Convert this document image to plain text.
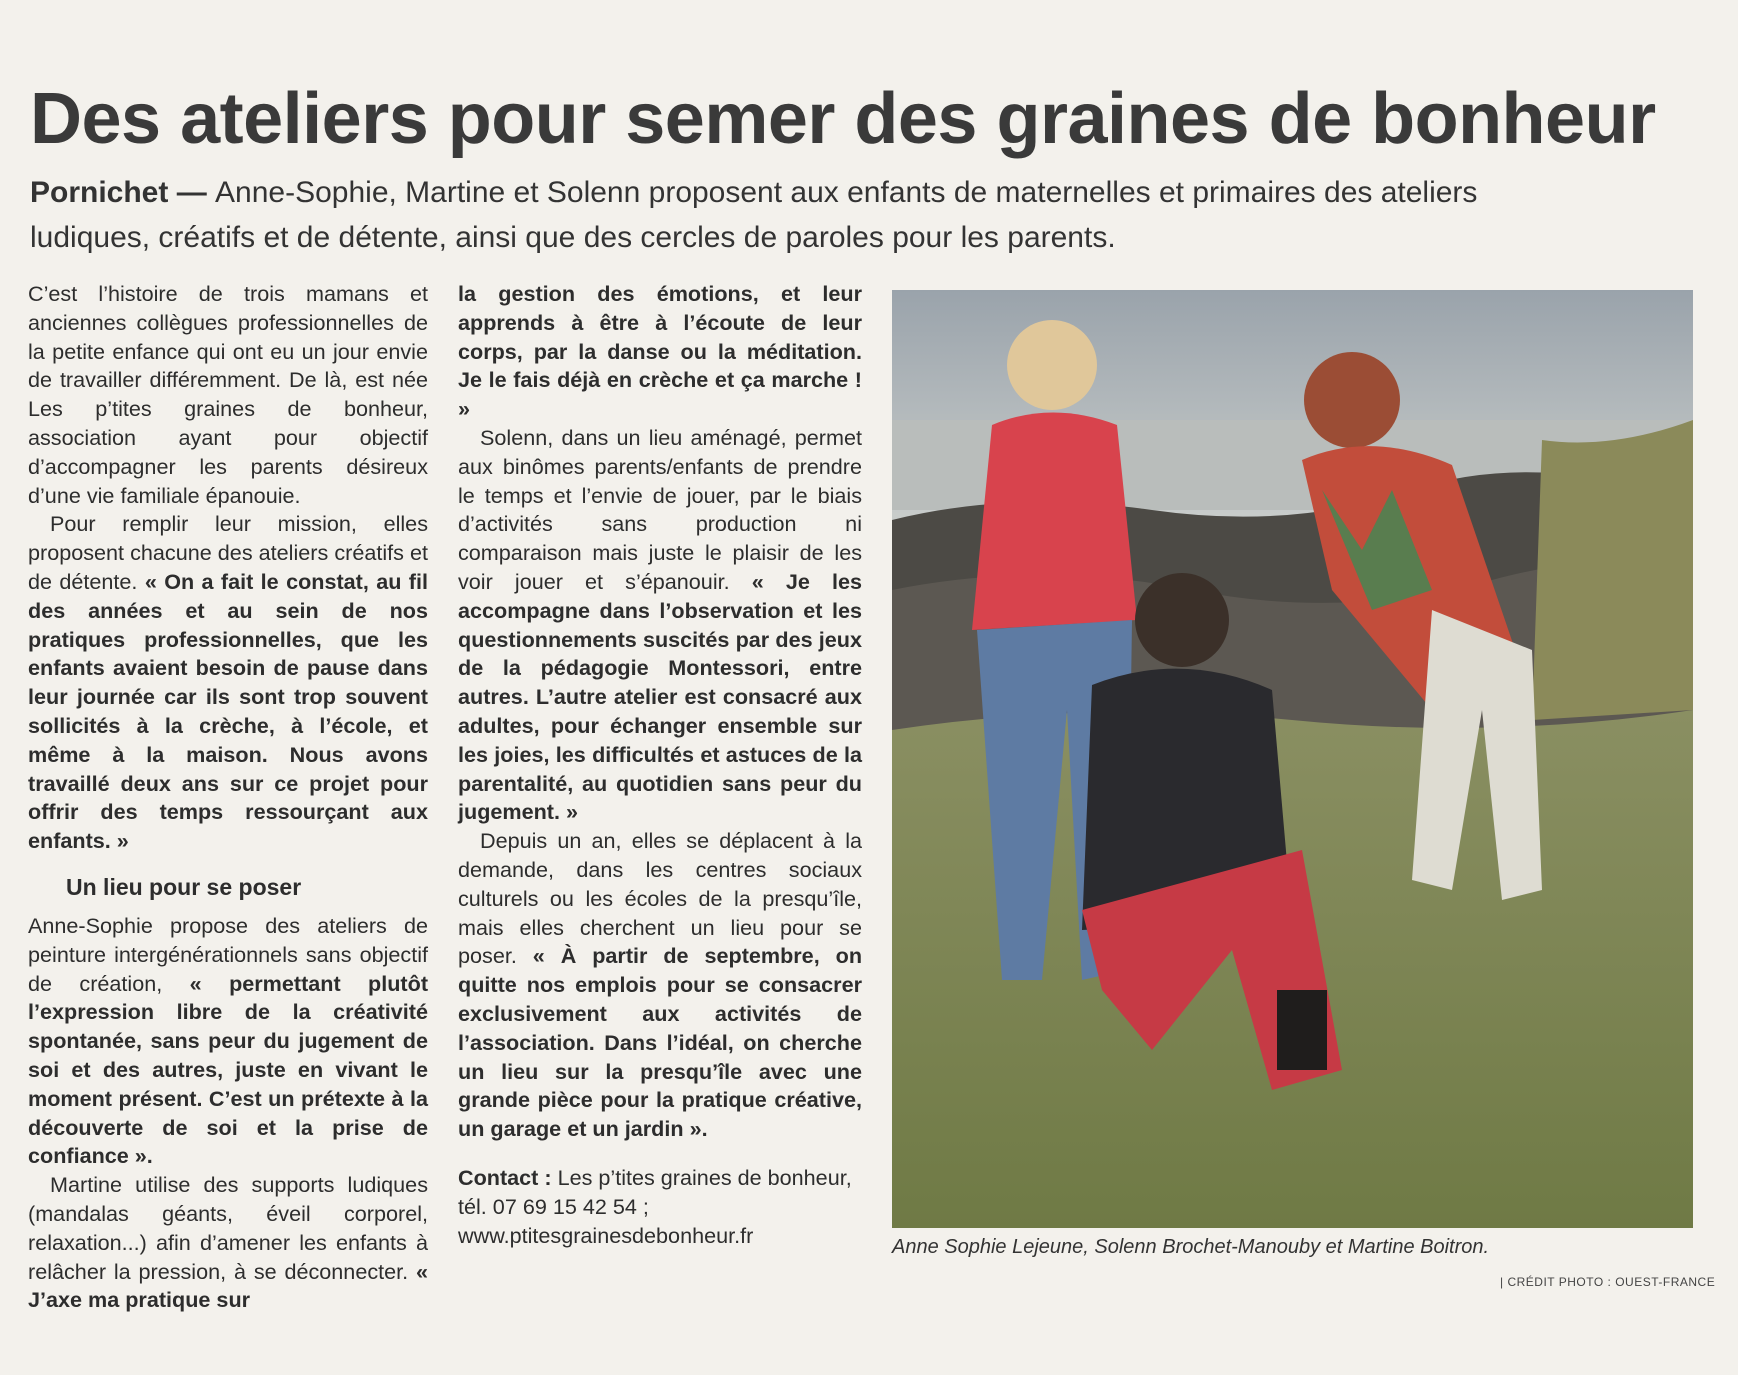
Des ateliers pour semer des graines de bonheur

Pornichet — Anne-Sophie, Martine et Solenn proposent aux enfants de maternelles et primaires des ateliers ludiques, créatifs et de détente, ainsi que des cercles de paroles pour les parents.

C’est l’histoire de trois mamans et anciennes collègues professionnelles de la petite enfance qui ont eu un jour envie de travailler différemment. De là, est née Les p’tites graines de bonheur, association ayant pour objectif d’accompagner les parents désireux d’une vie familiale épanouie.

Pour remplir leur mission, elles proposent chacune des ateliers créatifs et de détente. « On a fait le constat, au fil des années et au sein de nos pratiques professionnelles, que les enfants avaient besoin de pause dans leur journée car ils sont trop souvent sollicités à la crèche, à l’école, et même à la maison. Nous avons travaillé deux ans sur ce projet pour offrir des temps ressourçant aux enfants. »

Un lieu pour se poser

Anne-Sophie propose des ateliers de peinture intergénérationnels sans objectif de création, « permettant plutôt l’expression libre de la créativité spontanée, sans peur du jugement de soi et des autres, juste en vivant le moment présent. C’est un prétexte à la découverte de soi et la prise de confiance ».

Martine utilise des supports ludiques (mandalas géants, éveil corporel, relaxation...) afin d’amener les enfants à relâcher la pression, à se déconnecter. « J’axe ma pratique sur

la gestion des émotions, et leur apprends à être à l’écoute de leur corps, par la danse ou la méditation. Je le fais déjà en crèche et ça marche ! »

Solenn, dans un lieu aménagé, permet aux binômes parents/enfants de prendre le temps et l’envie de jouer, par le biais d’activités sans production ni comparaison mais juste le plaisir de les voir jouer et s’épanouir. « Je les accompagne dans l’observation et les questionnements suscités par des jeux de la pédagogie Montessori, entre autres. L’autre atelier est consacré aux adultes, pour échanger ensemble sur les joies, les difficultés et astuces de la parentalité, au quotidien sans peur du jugement. »

Depuis un an, elles se déplacent à la demande, dans les centres sociaux culturels ou les écoles de la presqu’île, mais elles cherchent un lieu pour se poser. « À partir de septembre, on quitte nos emplois pour se consacrer exclusivement aux activités de l’association. Dans l’idéal, on cherche un lieu sur la presqu’île avec une grande pièce pour la pratique créative, un garage et un jardin ».

Contact : Les p’tites graines de bonheur, tél. 07 69 15 42 54 ; www.ptitesgrainesdebonheur.fr	Anne Sophie Lejeune, Solenn Brochet-Manouby et Martine Boitron.
| CRÉDIT PHOTO : OUEST-FRANCE
